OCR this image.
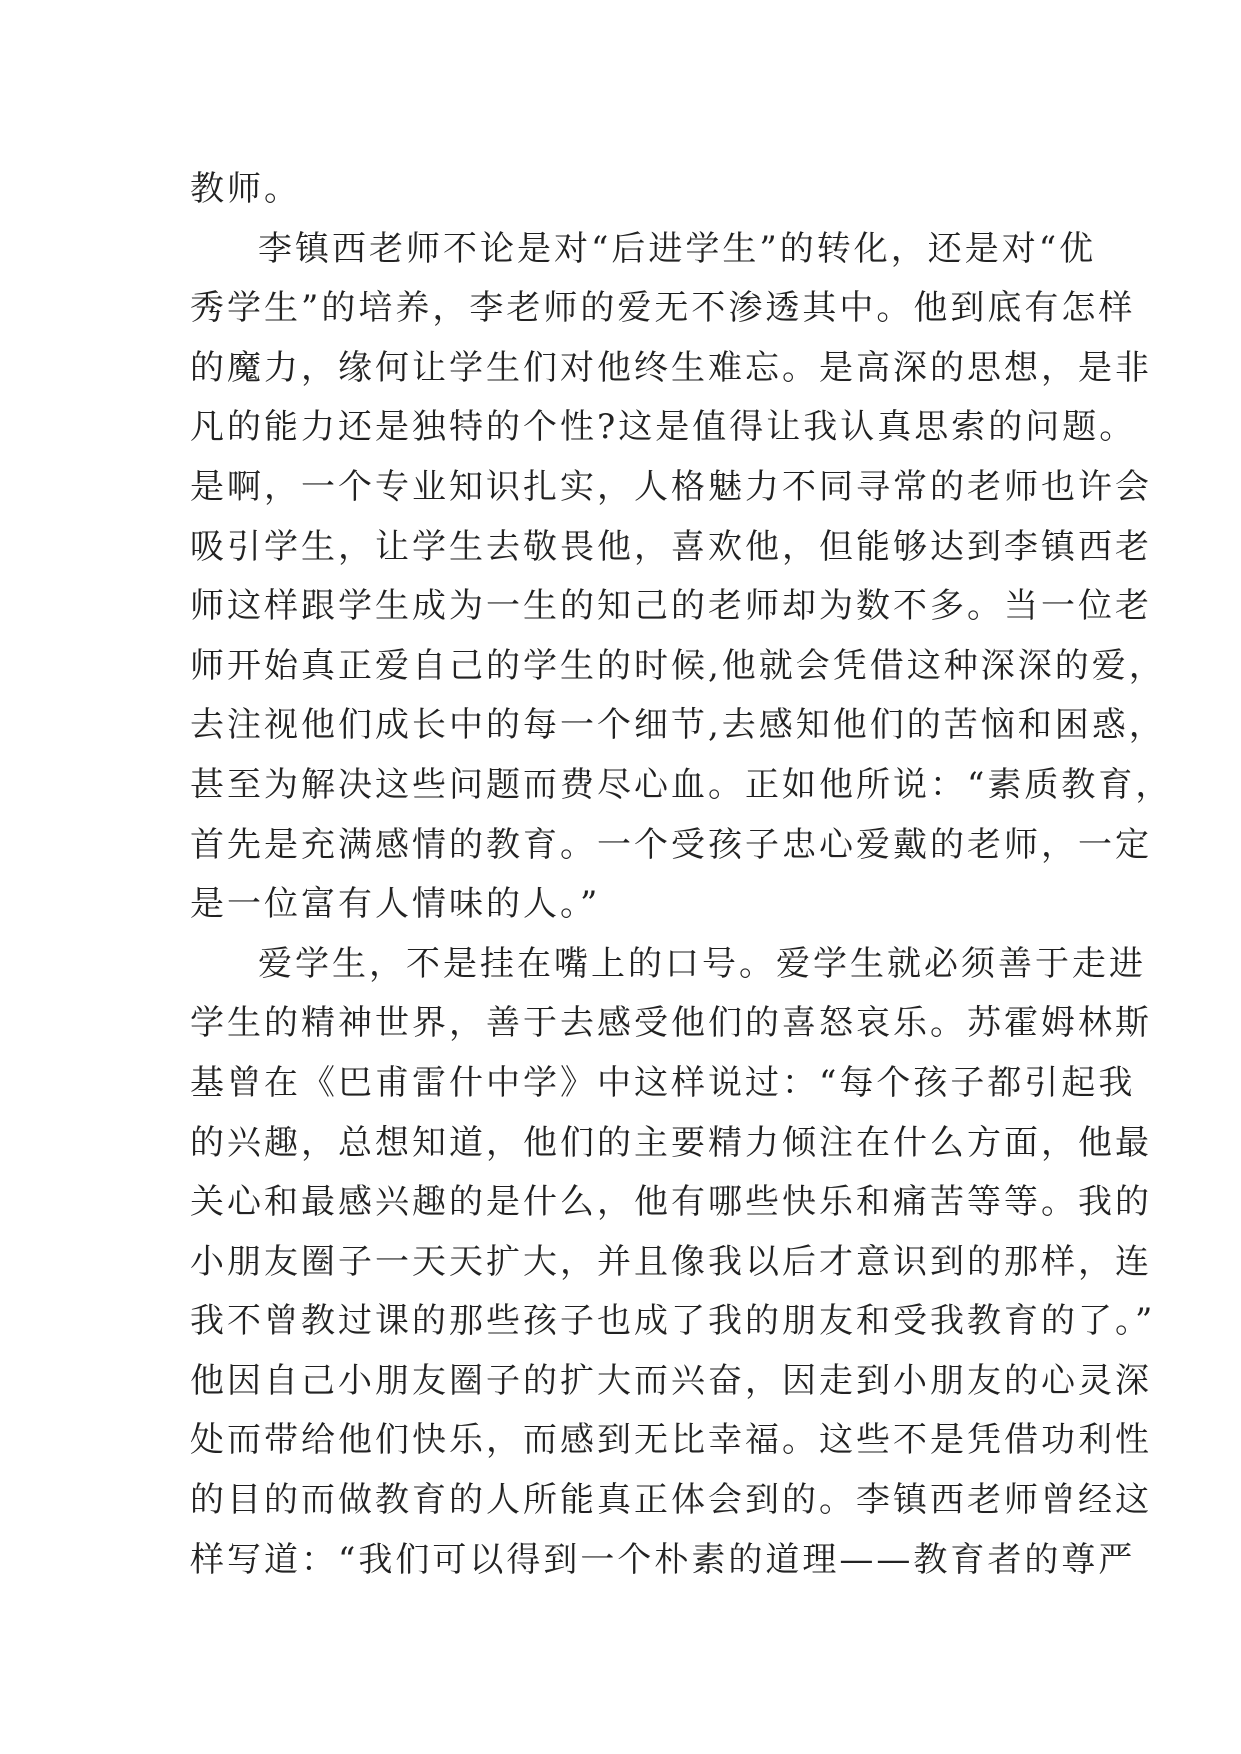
教师。
李镇西老师不论是对“后进学生”的转化，还是对“优
秀学生”的培养，李老师的爱无不渗透其中。他到底有怎样
的魔力，缘何让学生们对他终生难忘。是高深的思想，是非
凡的能力还是独特的个性?这是值得让我认真思索的问题。
是啊，一个专业知识扎实，人格魅力不同寻常的老师也许会
吸引学生，让学生去敬畏他，喜欢他，但能够达到李镇西老
师这样跟学生成为一生的知己的老师却为数不多。当一位老
师开始真正爱自己的学生的时候,他就会凭借这种深深的爱，
去注视他们成长中的每一个细节,去感知他们的苦恼和困惑，
甚至为解决这些问题而费尽心血。正如他所说：“素质教育，
首先是充满感情的教育。一个受孩子忠心爱戴的老师，一定
是一位富有人情味的人。”
爱学生，不是挂在嘴上的口号。爱学生就必须善于走进
学生的精神世界，善于去感受他们的喜怒哀乐。苏霍姆林斯
基曾在《巴甫雷什中学》中这样说过：“每个孩子都引起我
的兴趣，总想知道，他们的主要精力倾注在什么方面，他最
关心和最感兴趣的是什么，他有哪些快乐和痛苦等等。我的
小朋友圈子一天天扩大，并且像我以后才意识到的那样，连
我不曾教过课的那些孩子也成了我的朋友和受我教育的了。”
他因自己小朋友圈子的扩大而兴奋，因走到小朋友的心灵深
处而带给他们快乐，而感到无比幸福。这些不是凭借功利性
的目的而做教育的人所能真正体会到的。李镇西老师曾经这
样写道：“我们可以得到一个朴素的道理——教育者的尊严
